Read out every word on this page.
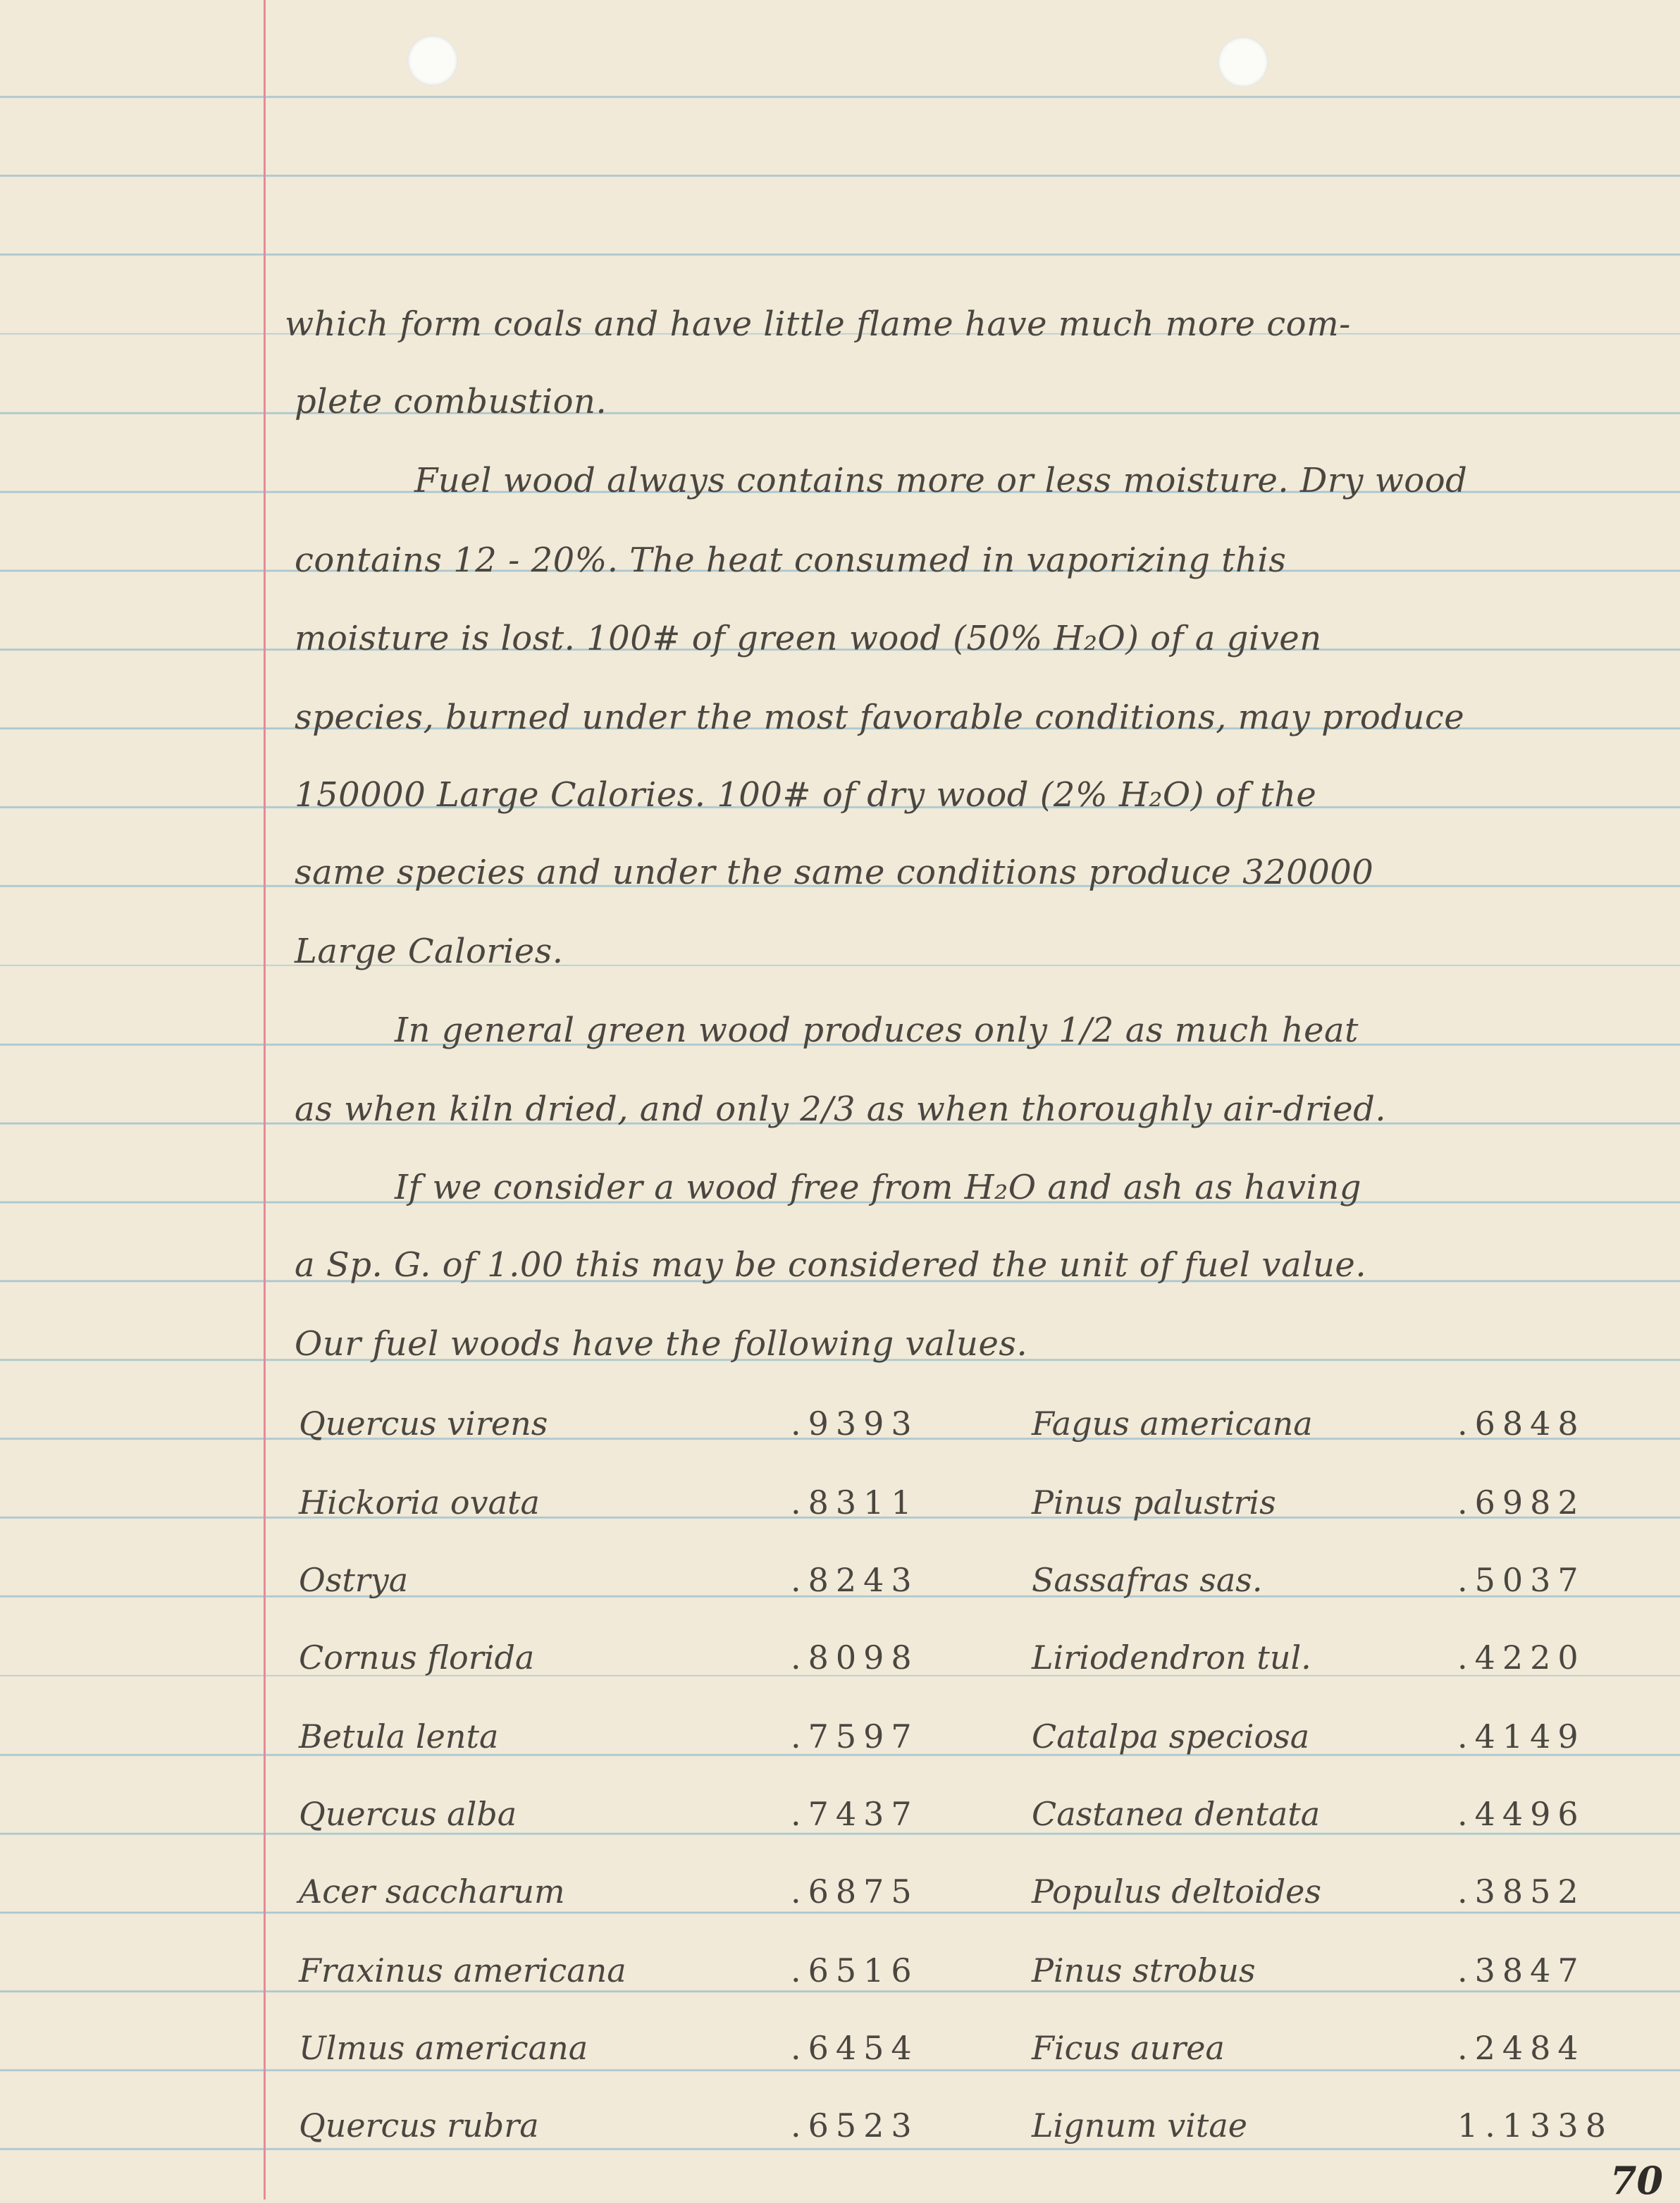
which form coals and have little flame have much more com-
plete combustion.
Fuel wood always contains more or less moisture. Dry wood
contains 12 - 20%. The heat consumed in vaporizing this
moisture is lost. 100# of green wood (50% H₂O) of a given
species, burned under the most favorable conditions, may produce
150000 Large Calories. 100# of dry wood (2% H₂O) of the
same species and under the same conditions produce 320000
Large Calories.
In general green wood produces only 1/2 as much heat
as when kiln dried, and only 2/3 as when thoroughly air-dried.
If we consider a wood free from H₂O and ash as having
a Sp. G. of 1.00 this may be considered the unit of fuel value.
Our fuel woods have the following values.
Quercus virens	.9393	Fagus americana	.6848
Hickoria ovata	.8311	Pinus palustris	.6982
Ostrya	.8243	Sassafras sas.	.5037
Cornus florida	.8098	Liriodendron tul.	.4220
Betula lenta	.7597	Catalpa speciosa	.4149
Quercus alba	.7437	Castanea dentata	.4496
Acer saccharum	.6875	Populus deltoides	.3852
Fraxinus americana	.6516	Pinus strobus	.3847
Ulmus americana	.6454	Ficus aurea	.2484
Quercus rubra	.6523	Lignum vitae	1.1338
70
